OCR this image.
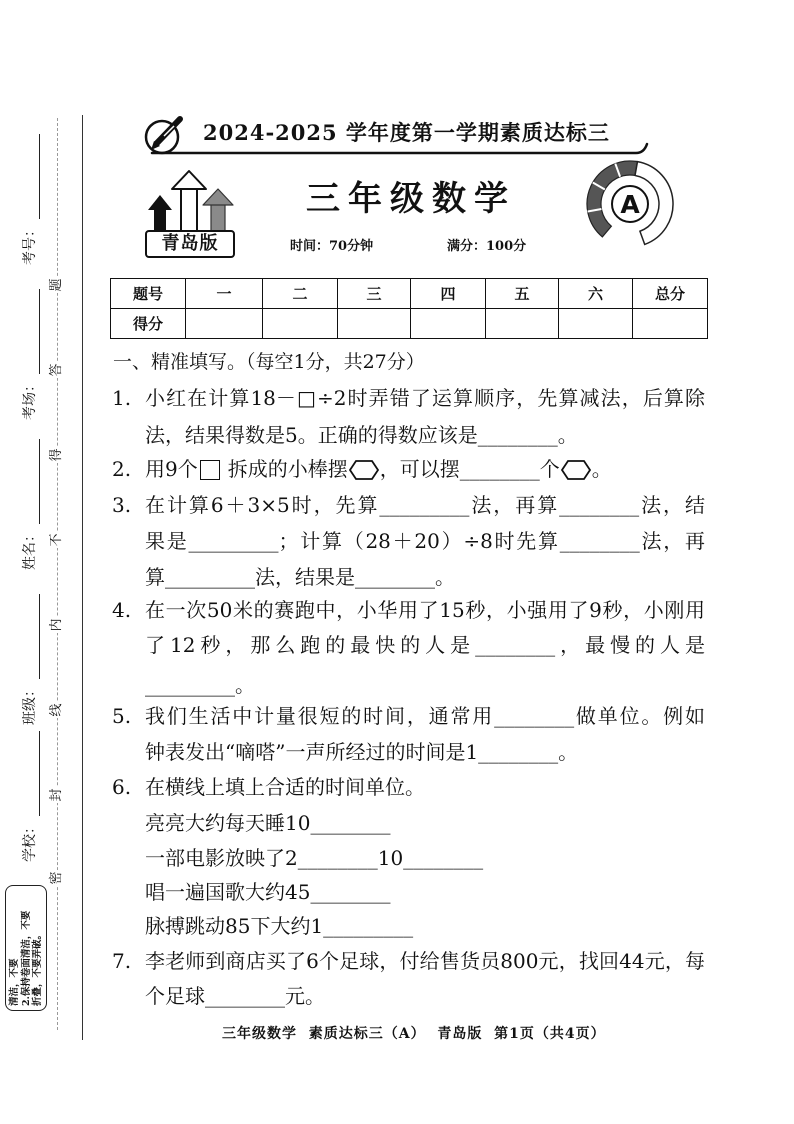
题
答
得
不
内
线
封
密
考号：
考场：
姓名：
班级：
学校：
清洁，不要 2.保持卷面清洁，不要 折叠，不要弄破。
2024-2025 学年度第一学期素质达标三
青岛版
三年级数学
时间：70分钟	满分：100分
A
题号	一	二	三	四	五	六	总分
得分							
一、精准填写。（每空1分，共27分）
1. 小红在计算18－□÷2时弄错了运算顺序，先算减法，后算除
法，结果得数是5。正确的得数应该是________。
2. 用9个 拆成的小棒摆 ，可以摆________个 。
3. 在计算6＋3×5时，先算_________法，再算________法，结
果是_________；计算（28＋20）÷8时先算________法，再
算_________法，结果是________。
4. 在一次50米的赛跑中，小华用了15秒，小强用了9秒，小刚用
了12秒，那么跑的最快的人是________，最慢的人是
_________。
5. 我们生活中计量很短的时间，通常用________做单位。例如
钟表发出“嘀嗒”一声所经过的时间是1________。
6. 在横线上填上合适的时间单位。
亮亮大约每天睡10________
一部电影放映了2________10________
唱一遍国歌大约45________
脉搏跳动85下大约1_________
7. 李老师到商店买了6个足球，付给售货员800元，找回44元，每
个足球________元。
三年级数学  素质达标三（A）  青岛版  第1页（共4页）
